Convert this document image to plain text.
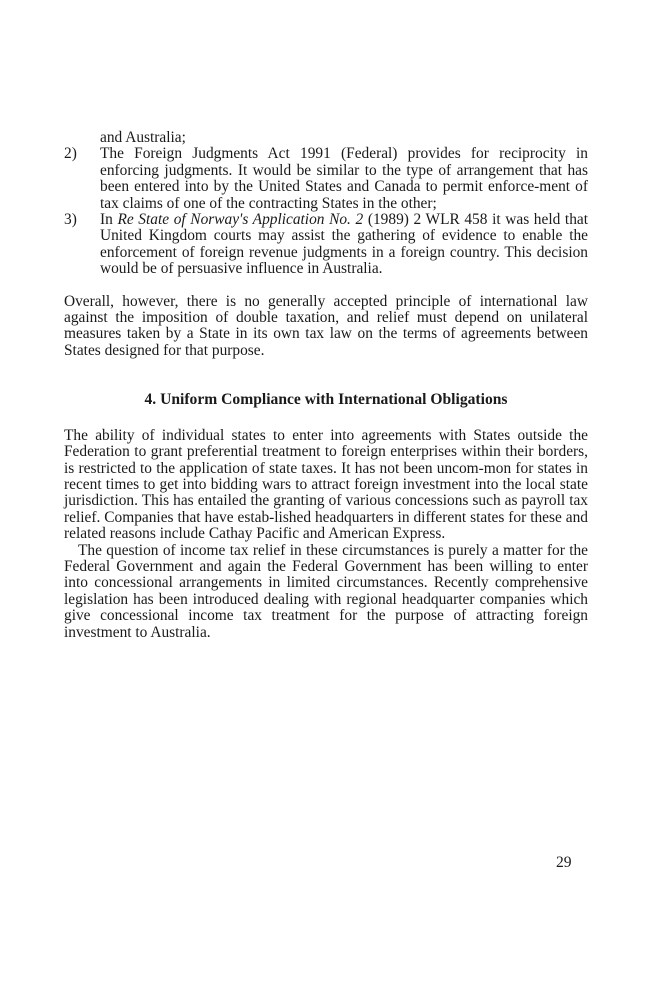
and Australia;

2) The Foreign Judgments Act 1991 (Federal) provides for reciprocity in enforcing judgments. It would be similar to the type of arrangement that has been entered into by the United States and Canada to permit enforce-ment of tax claims of one of the contracting States in the other;
3) In Re State of Norway's Application No. 2 (1989) 2 WLR 458 it was held that United Kingdom courts may assist the gathering of evidence to enable the enforcement of foreign revenue judgments in a foreign country. This decision would be of persuasive influence in Australia.

Overall, however, there is no generally accepted principle of international law against the imposition of double taxation, and relief must depend on unilateral measures taken by a State in its own tax law on the terms of agreements between States designed for that purpose.

4. Uniform Compliance with International Obligations

The ability of individual states to enter into agreements with States outside the Federation to grant preferential treatment to foreign enterprises within their borders, is restricted to the application of state taxes. It has not been uncom-mon for states in recent times to get into bidding wars to attract foreign investment into the local state jurisdiction. This has entailed the granting of various concessions such as payroll tax relief. Companies that have estab-lished headquarters in different states for these and related reasons include Cathay Pacific and American Express.

The question of income tax relief in these circumstances is purely a matter for the Federal Government and again the Federal Government has been willing to enter into concessional arrangements in limited circumstances. Recently comprehensive legislation has been introduced dealing with regional headquarter companies which give concessional income tax treatment for the purpose of attracting foreign investment to Australia.

29
